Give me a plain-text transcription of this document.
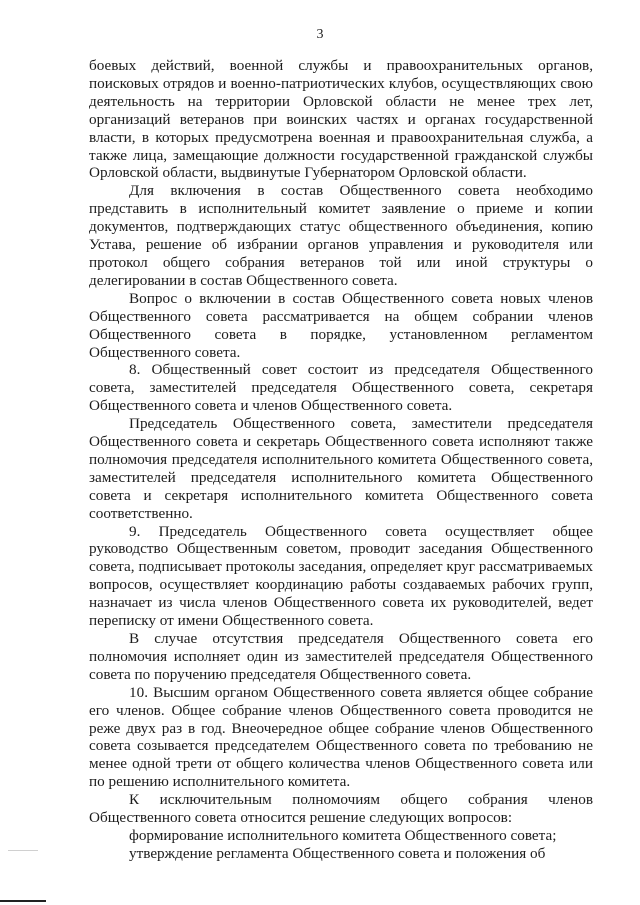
3

боевых действий, военной службы и правоохранительных органов, поисковых отрядов и военно-патриотических клубов, осуществляющих свою деятельность на территории Орловской области не менее трех лет, организаций ветеранов при воинских частях и органах государственной власти, в которых предусмотрена военная и правоохранительная служба, а также лица, замещающие должности государственной гражданской службы Орловской области, выдвинутые Губернатором Орловской области.

Для включения в состав Общественного совета необходимо представить в исполнительный комитет заявление о приеме и копии документов, подтверждающих статус общественного объединения, копию Устава, решение об избрании органов управления и руководителя или протокол общего собрания ветеранов той или иной структуры о делегировании в состав Общественного совета.

Вопрос о включении в состав Общественного совета новых членов Общественного совета рассматривается на общем собрании членов Общественного совета в порядке, установленном регламентом Общественного совета.

8. Общественный совет состоит из председателя Общественного совета, заместителей председателя Общественного совета, секретаря Общественного совета и членов Общественного совета.

Председатель Общественного совета, заместители председателя Общественного совета и секретарь Общественного совета исполняют также полномочия председателя исполнительного комитета Общественного совета, заместителей председателя исполнительного комитета Общественного совета и секретаря исполнительного комитета Общественного совета соответственно.

9. Председатель Общественного совета осуществляет общее руководство Общественным советом, проводит заседания Общественного совета, подписывает протоколы заседания, определяет круг рассматриваемых вопросов, осуществляет координацию работы создаваемых рабочих групп, назначает из числа членов Общественного совета их руководителей, ведет переписку от имени Общественного совета.

В случае отсутствия председателя Общественного совета его полномочия исполняет один из заместителей председателя Общественного совета по поручению председателя Общественного совета.

10. Высшим органом Общественного совета является общее собрание его членов. Общее собрание членов Общественного совета проводится не реже двух раз в год. Внеочередное общее собрание членов Общественного совета созывается председателем Общественного совета по требованию не менее одной трети от общего количества членов Общественного совета или по решению исполнительного комитета.

К исключительным полномочиям общего собрания членов Общественного совета относится решение следующих вопросов:

формирование исполнительного комитета Общественного совета;

утверждение регламента Общественного совета и положения об
